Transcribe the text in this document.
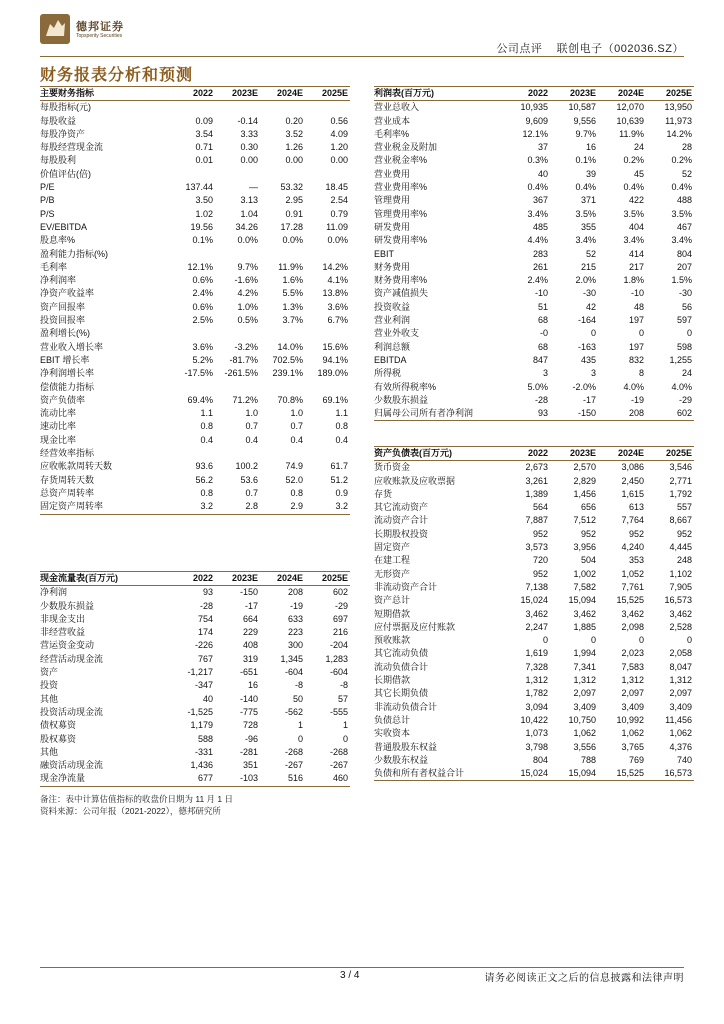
德邦证券
Topsperity Securities
公司点评 联创电子（002036.SZ）
财务报表分析和预测
主要财务指标	2022	2023E	2024E	2025E
每股指标(元)				
每股收益	0.09	-0.14	0.20	0.56
每股净资产	3.54	3.33	3.52	4.09
每股经营现金流	0.71	0.30	1.26	1.20
每股股利	0.01	0.00	0.00	0.00
价值评估(倍)				
P/E	137.44	—	53.32	18.45
P/B	3.50	3.13	2.95	2.54
P/S	1.02	1.04	0.91	0.79
EV/EBITDA	19.56	34.26	17.28	11.09
股息率%	0.1%	0.0%	0.0%	0.0%
盈利能力指标(%)				
毛利率	12.1%	9.7%	11.9%	14.2%
净利润率	0.6%	-1.6%	1.6%	4.1%
净资产收益率	2.4%	4.2%	5.5%	13.8%
资产回报率	0.6%	1.0%	1.3%	3.6%
投资回报率	2.5%	0.5%	3.7%	6.7%
盈利增长(%)				
营业收入增长率	3.6%	-3.2%	14.0%	15.6%
EBIT 增长率	5.2%	-81.7%	702.5%	94.1%
净利润增长率	-17.5%	-261.5%	239.1%	189.0%
偿债能力指标				
资产负债率	69.4%	71.2%	70.8%	69.1%
流动比率	1.1	1.0	1.0	1.1
速动比率	0.8	0.7	0.7	0.8
现金比率	0.4	0.4	0.4	0.4
经营效率指标				
应收帐款周转天数	93.6	100.2	74.9	61.7
存货周转天数	56.2	53.6	52.0	51.2
总资产周转率	0.8	0.7	0.8	0.9
固定资产周转率	3.2	2.8	2.9	3.2
利润表(百万元)	2022	2023E	2024E	2025E
营业总收入	10,935	10,587	12,070	13,950
营业成本	9,609	9,556	10,639	11,973
毛利率%	12.1%	9.7%	11.9%	14.2%
营业税金及附加	37	16	24	28
营业税金率%	0.3%	0.1%	0.2%	0.2%
营业费用	40	39	45	52
营业费用率%	0.4%	0.4%	0.4%	0.4%
管理费用	367	371	422	488
管理费用率%	3.4%	3.5%	3.5%	3.5%
研发费用	485	355	404	467
研发费用率%	4.4%	3.4%	3.4%	3.4%
EBIT	283	52	414	804
财务费用	261	215	217	207
财务费用率%	2.4%	2.0%	1.8%	1.5%
资产减值损失	-10	-30	-10	-30
投资收益	51	42	48	56
营业利润	68	-164	197	597
营业外收支	-0	0	0	0
利润总额	68	-163	197	598
EBITDA	847	435	832	1,255
所得税	3	3	8	24
有效所得税率%	5.0%	-2.0%	4.0%	4.0%
少数股东损益	-28	-17	-19	-29
归属母公司所有者净利润	93	-150	208	602
资产负债表(百万元)	2022	2023E	2024E	2025E
货币资金	2,673	2,570	3,086	3,546
应收账款及应收票据	3,261	2,829	2,450	2,771
存货	1,389	1,456	1,615	1,792
其它流动资产	564	656	613	557
流动资产合计	7,887	7,512	7,764	8,667
长期股权投资	952	952	952	952
固定资产	3,573	3,956	4,240	4,445
在建工程	720	504	353	248
无形资产	952	1,002	1,052	1,102
非流动资产合计	7,138	7,582	7,761	7,905
资产总计	15,024	15,094	15,525	16,573
短期借款	3,462	3,462	3,462	3,462
应付票据及应付账款	2,247	1,885	2,098	2,528
预收账款	0	0	0	0
其它流动负债	1,619	1,994	2,023	2,058
流动负债合计	7,328	7,341	7,583	8,047
长期借款	1,312	1,312	1,312	1,312
其它长期负债	1,782	2,097	2,097	2,097
非流动负债合计	3,094	3,409	3,409	3,409
负债总计	10,422	10,750	10,992	11,456
实收资本	1,073	1,062	1,062	1,062
普通股股东权益	3,798	3,556	3,765	4,376
少数股东权益	804	788	769	740
负债和所有者权益合计	15,024	15,094	15,525	16,573
现金流量表(百万元)	2022	2023E	2024E	2025E
净利润	93	-150	208	602
少数股东损益	-28	-17	-19	-29
非现金支出	754	664	633	697
非经营收益	174	229	223	216
营运资金变动	-226	408	300	-204
经营活动现金流	767	319	1,345	1,283
资产	-1,217	-651	-604	-604
投资	-347	16	-8	-8
其他	40	-140	50	57
投资活动现金流	-1,525	-775	-562	-555
债权募资	1,179	728	1	1
股权募资	588	-96	0	0
其他	-331	-281	-268	-268
融资活动现金流	1,436	351	-267	-267
现金净流量	677	-103	516	460
备注：表中计算估值指标的收盘价日期为 11 月 1 日
资料来源：公司年报（2021-2022），德邦研究所
3 / 4	请务必阅读正文之后的信息披露和法律声明
